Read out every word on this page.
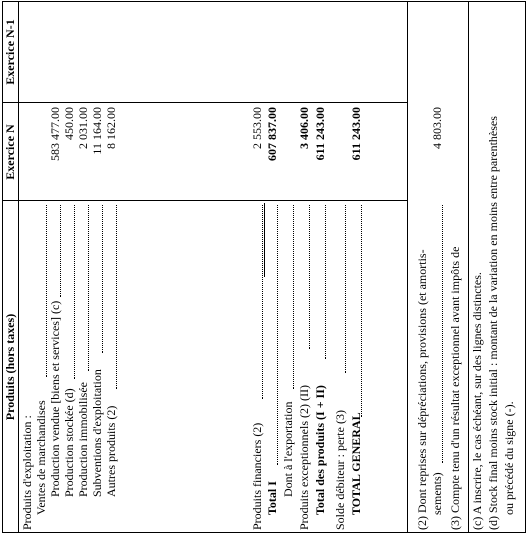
Produits (hors taxes)
Exercice N
Exercice N-1
Produits d'exploitation : Ventes de marchandises Production vendue [biens et services] (c)
583 477.00
Production stockée (d)
450.00
Production immobilisée
2 031.00
Subventions d'exploitation
11 164.00
Autres produits (2)
8 162.00
Produits financiers (2)
2 553.00
Total I
607 837.00
Dont à l'exportation Produits exceptionnels (2) (II)
3 406.00
Total des produits (I + II)
611 243.00
Solde débiteur : perte (3) TOTAL GENERAL
611 243.00
(2) Dont reprises sur dépréciations, provisions (et amortis- sements)
4 803.00
(3) Compte tenu d'un résultat exceptionnel avant impôts de (c) A inscrire, le cas échéant, sur des lignes distinctes. (d) Stock final moins stock initial : montant de la variation en moins entre parenthèses ou précédé du signe (-).
